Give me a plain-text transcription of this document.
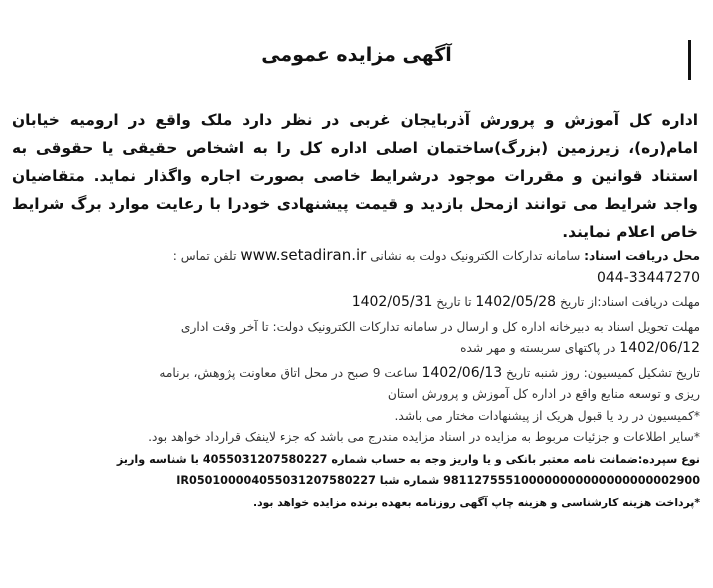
آگهی مزایده عمومی
اداره کل آموزش و پرورش آذربایجان غربی در نظر دارد ملک واقع در ارومیه خیابان امام(ره)، زیرزمین (بزرگ)ساختمان اصلی اداره کل را به اشخاص حقیقی یا حقوقی به استناد قوانین و مقررات موجود درشرایط خاصی بصورت اجاره واگذار نماید. متقاضیان واجد شرایط می توانند ازمحل بازدید و قیمت پیشنهادی خودرا با رعایت موارد برگ شرایط خاص اعلام نمایند.
محل دریافت اسناد: سامانه تدارکات الکترونیک دولت به نشانی www.setadiran.ir تلفن تماس :
044-33447270
مهلت دریافت اسناد:از تاریخ 1402/05/28 تا تاریخ 1402/05/31
مهلت تحویل اسناد به دبیرخانه اداره کل و ارسال در سامانه تدارکات الکترونیک دولت: تا آخر وقت اداری
1402/06/12 در پاکتهای سربسته و مهر شده
تاریخ تشکیل کمیسیون: روز شنبه تاریخ 1402/06/13 ساعت 9 صبح در محل اتاق معاونت پژوهش، برنامه
ریزی و توسعه منابع واقع در اداره کل آموزش و پرورش استان
*کمیسیون در رد یا قبول هریک از پیشنهادات مختار می باشد.
*سایر اطلاعات و جزئیات مربوط به مزایده در اسناد مزایده مندرج می باشد که جزء لاینفک قرارداد خواهد بود.
نوع سپرده:ضمانت نامه معتبر بانکی و یا واریز وجه به حساب شماره 4055031207580227 با شناسه واریز
981127555100000000000000000002900 شماره شبا IR050100004055031207580227
*پرداخت هزینه کارشناسی و هزینه چاپ آگهی روزنامه بعهده برنده مزایده خواهد بود.
